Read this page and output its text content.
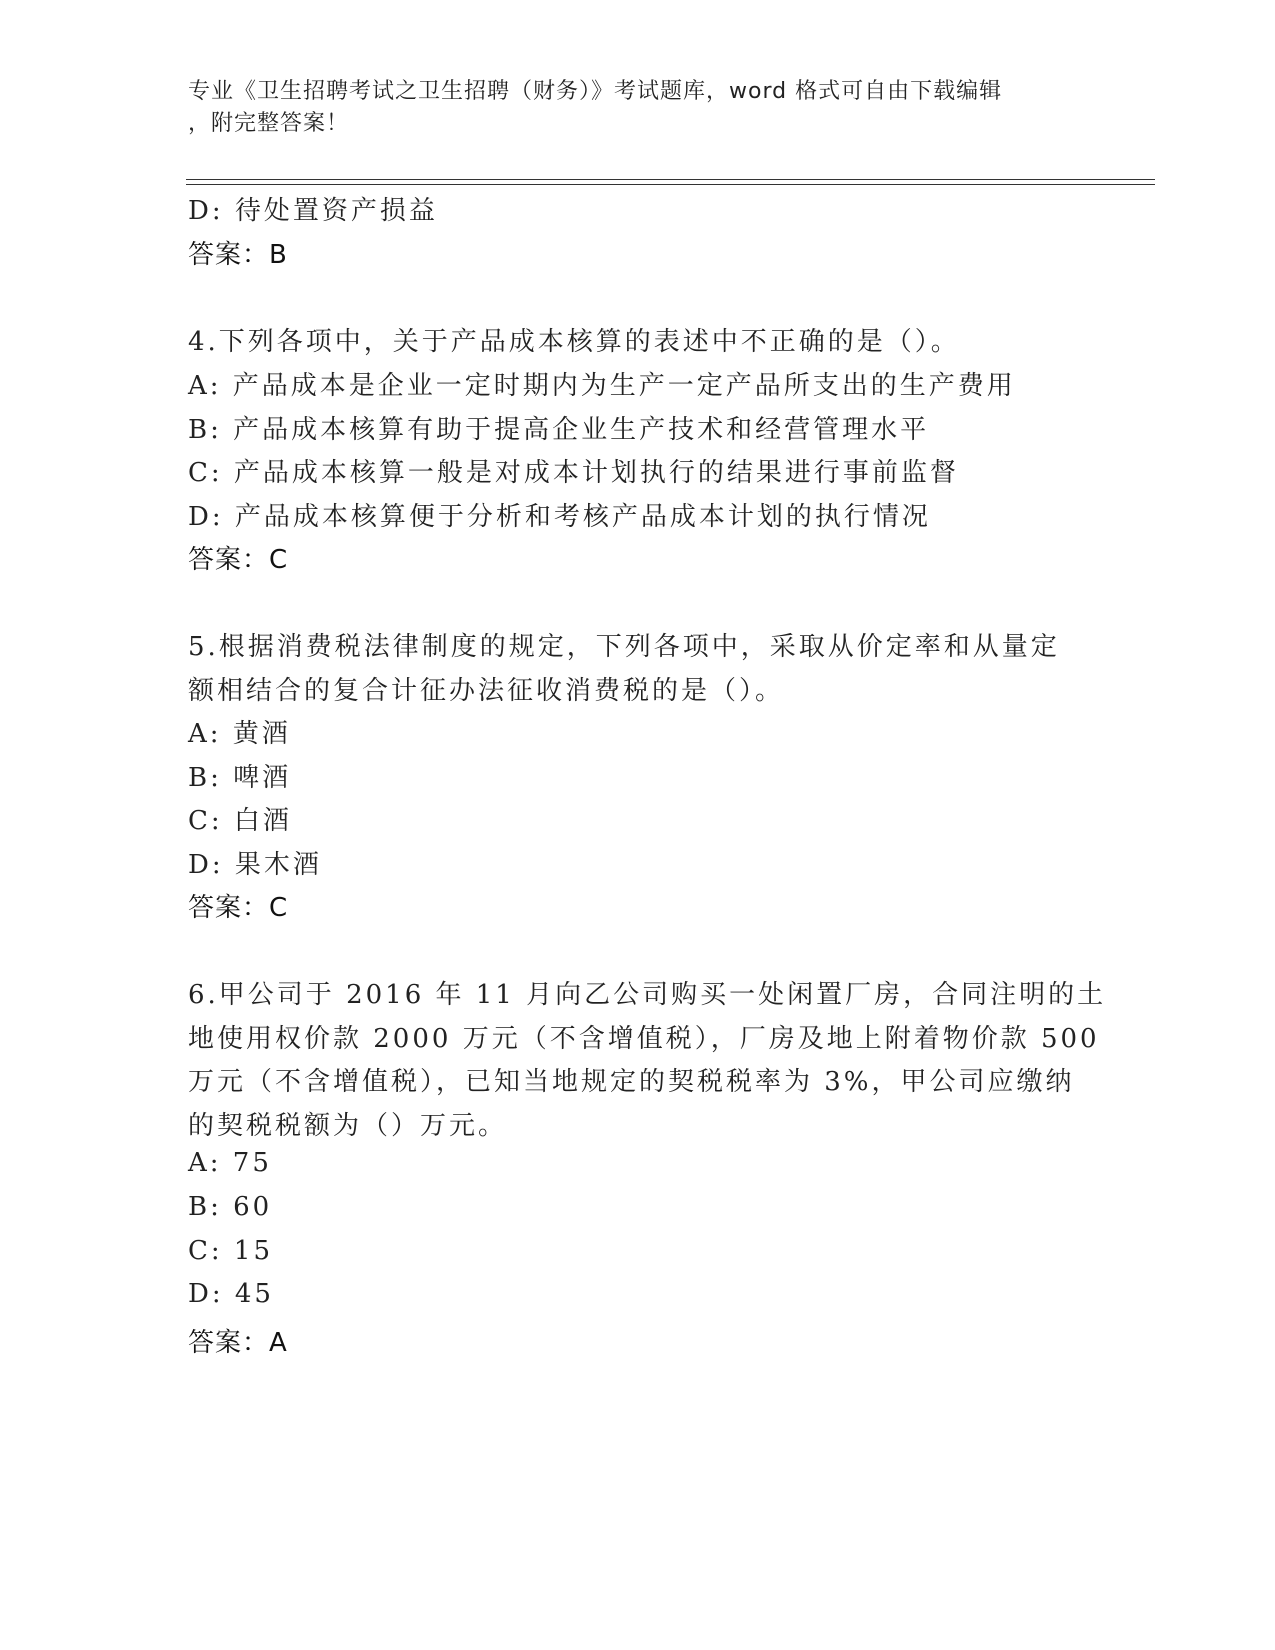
专业《卫生招聘考试之卫生招聘（财务）》考试题库，word 格式可自由下载编辑
，附完整答案！
D: 待处置资产损益
答案：B
4.下列各项中，关于产品成本核算的表述中不正确的是（）。
A: 产品成本是企业一定时期内为生产一定产品所支出的生产费用
B: 产品成本核算有助于提高企业生产技术和经营管理水平
C: 产品成本核算一般是对成本计划执行的结果进行事前监督
D: 产品成本核算便于分析和考核产品成本计划的执行情况
答案：C
5.根据消费税法律制度的规定，下列各项中，采取从价定率和从量定
额相结合的复合计征办法征收消费税的是（）。
A: 黄酒
B: 啤酒
C: 白酒
D: 果木酒
答案：C
6.甲公司于 2016 年 11 月向乙公司购买一处闲置厂房，合同注明的土
地使用权价款 2000 万元（不含增值税），厂房及地上附着物价款 500
万元（不含增值税），已知当地规定的契税税率为 3%，甲公司应缴纳
的契税税额为（）万元。
A: 75
B: 60
C: 15
D: 45
答案：A
